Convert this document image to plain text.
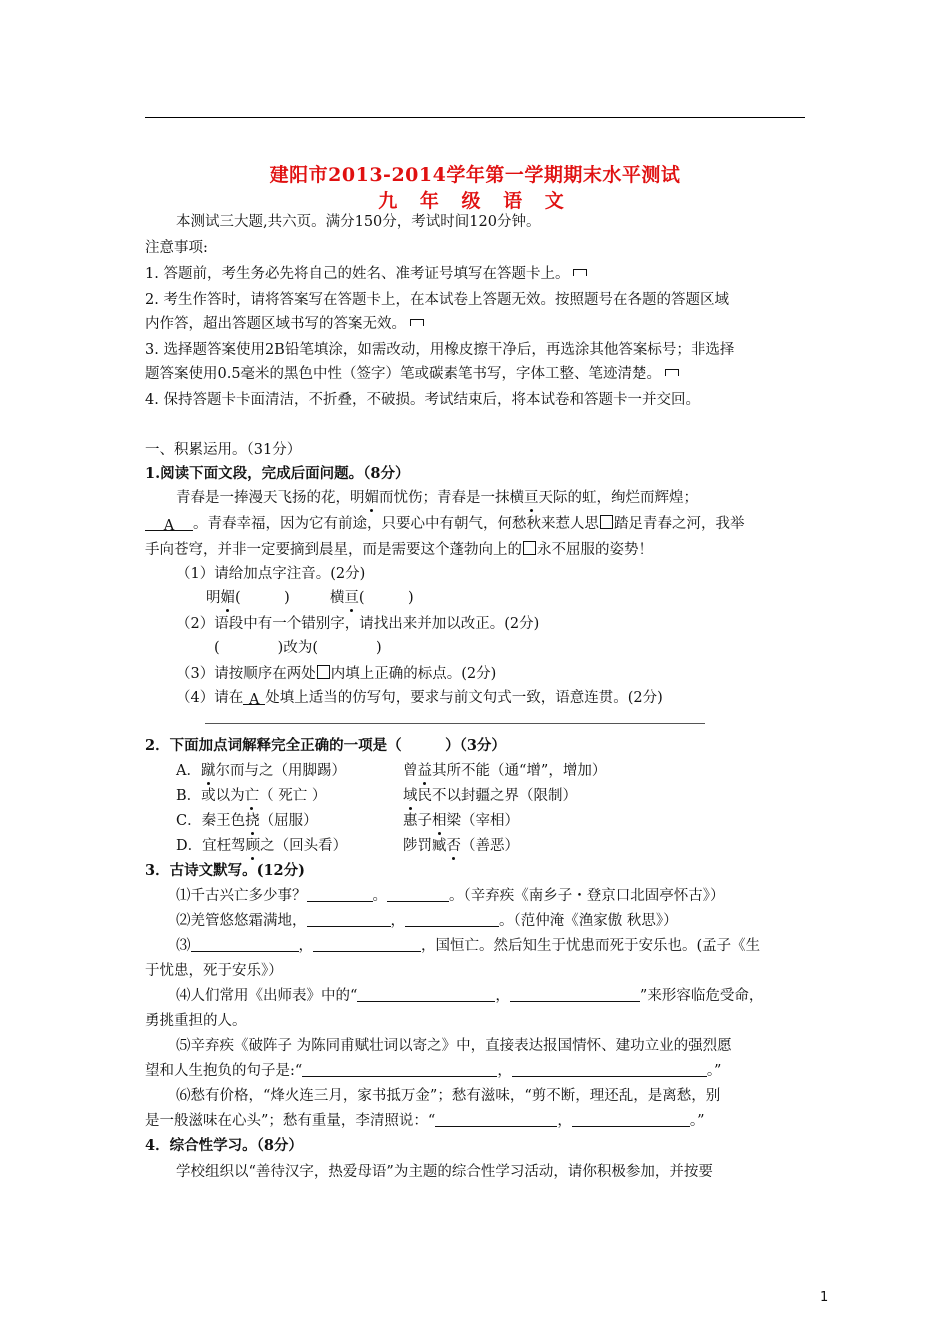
建阳市2013-2014学年第一学期期末水平测试
九 年 级 语 文
本测试三大题,共六页。满分150分，考试时间120分钟。
注意事项:
1. 答题前，考生务必先将自己的姓名、准考证号填写在答题卡上。
2. 考生作答时，请将答案写在答题卡上，在本试卷上答题无效。按照题号在各题的答题区域
内作答，超出答题区域书写的答案无效。
3. 选择题答案使用2B铅笔填涂，如需改动，用橡皮擦干净后，再选涂其他答案标号；非选择
题答案使用0.5毫米的黑色中性（签字）笔或碳素笔书写，字体工整、笔迹清楚。
4. 保持答题卡卡面清洁，不折叠，不破损。考试结束后，将本试卷和答题卡一并交回。
一、积累运用。（31分）
1.阅读下面文段，完成后面问题。（8分）
青春是一捧漫天飞扬的花，明媚而忧伤；青春是一抹横亘天际的虹，绚烂而辉煌；
A 。青春幸福，因为它有前途，只要心中有朝气，何愁秋来惹人思 踏足青春之河，我举
手向苍穹，并非一定要摘到晨星，而是需要这个蓬勃向上的 永不屈服的姿势！
（1）请给加点字注音。(2分)
明媚(　　　)	横亘(　　　)
（2）语段中有一个错别字，请找出来并加以改正。(2分)
(　　　　)改为(　　　　)
（3）请按顺序在两处 内填上正确的标点。(2分)
（4）请在 A 处填上适当的仿写句，要求与前文句式一致，语意连贯。(2分)
2．下面加点词解释完全正确的一项是（　　　）（3分）
A．蹴尔而与之（用脚踢）	曾益其所不能（通“增”，增加）
B．或以为亡（ 死亡 ）	域民不以封疆之界（限制）
C．秦王色挠（屈服）	惠子相梁（宰相）
D．宜枉驾顾之（回头看）	陟罚臧否（善恶）
3．古诗文默写。(12分)
⑴千古兴亡多少事？	。	。（辛弃疾《南乡子・登京口北固亭怀古》）
⑵羌管悠悠霜满地，	，	。（范仲淹《渔家傲 秋思》）
⑶	，	，国恒亡。然后知生于忧患而死于安乐也。(孟子《生
于忧患，死于安乐》）
⑷人们常用《出师表》中的“	，	”来形容临危受命，
勇挑重担的人。
⑸辛弃疾《破阵子 为陈同甫赋壮词以寄之》中，直接表达报国情怀、建功立业的强烈愿
望和人生抱负的句子是:“	，	。”
⑹愁有价格，“烽火连三月，家书抵万金”；愁有滋味，“剪不断，理还乱，是离愁，别
是一般滋味在心头”；愁有重量，李清照说：“	，	。”
4．综合性学习。（8分）
学校组织以“善待汉字，热爱母语”为主题的综合性学习活动，请你积极参加，并按要
1
